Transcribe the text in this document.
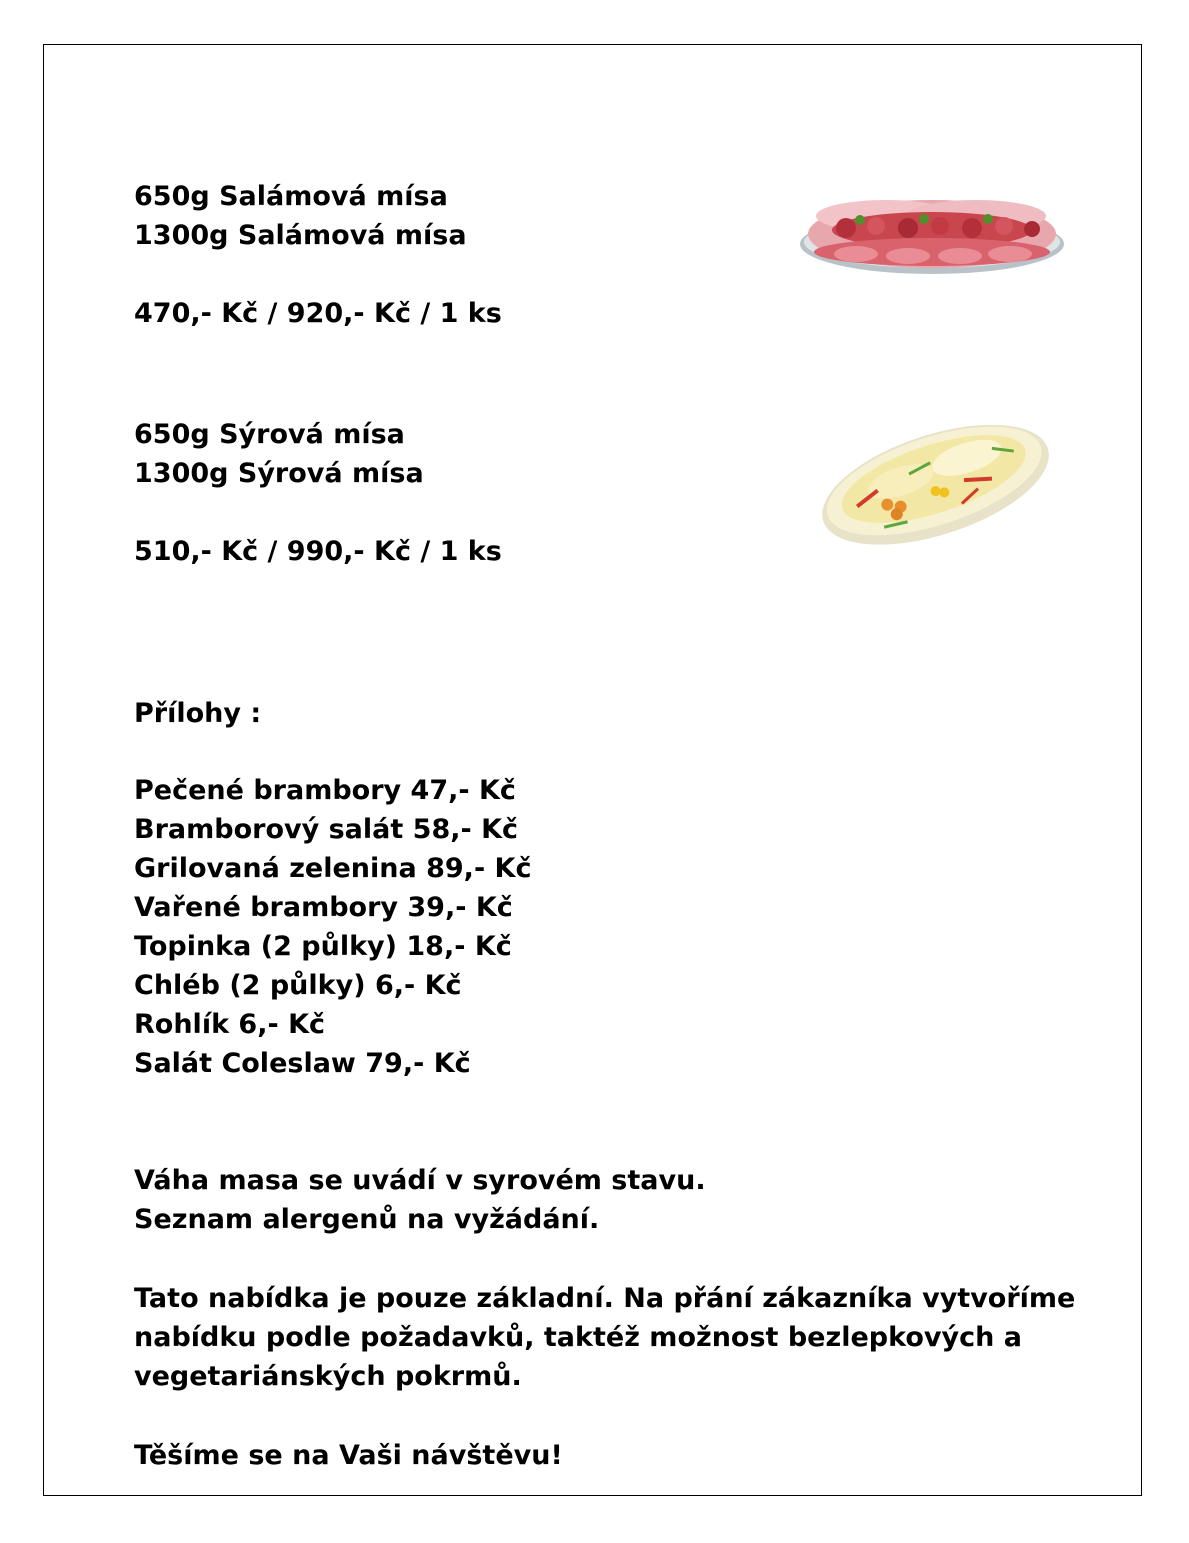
650g Salámová mísa
1300g Salámová mísa
470,- Kč / 920,- Kč / 1 ks
650g Sýrová mísa
1300g Sýrová mísa
510,- Kč / 990,- Kč / 1 ks
Přílohy :
Pečené brambory 47,- Kč
Bramborový salát 58,- Kč
Grilovaná zelenina 89,- Kč
Vařené brambory 39,- Kč
Topinka (2 půlky) 18,- Kč
Chléb (2 půlky) 6,- Kč
Rohlík 6,- Kč
Salát Coleslaw 79,- Kč
Váha masa se uvádí v syrovém stavu.
Seznam alergenů na vyžádání.
Tato nabídka je pouze základní. Na přání zákazníka vytvoříme
nabídku podle požadavků, taktéž možnost bezlepkových a
vegetariánských pokrmů.
Těšíme se na Vaši návštěvu!
